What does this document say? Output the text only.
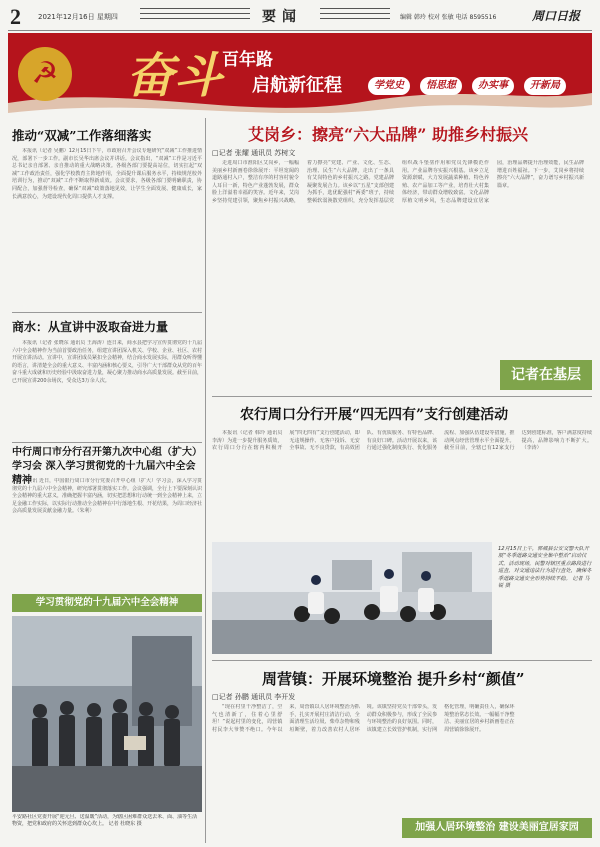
2 2021年12月16日 星期四	要闻	编辑 韩玲 校对 张敏 电话 8595516	周口日报
☭ 奋斗 百年路
启航新征程	学党史	悟思想	办实事	开新局
推动“双减”工作落细落实

本报讯（记者 吴鹏）12月15日下午，市政府召开会议专题研究“双减”工作推进情况，部署下一步工作。副市长吴华出席会议并讲话。会议指出，“双减”工作是习近平总书记亲自部署、亲自推动的重大战略决策。各级各部门要提高站位，切实扛起“双减”工作政治责任，强化学校教育主阵地作用，全面提升课后服务水平，持续规范校外培训行为，推动“双减”工作不断取得新成效。会议要求，各级各部门要明确职责，协同配合，加强督导检查，确保“双减”政策落地见效，让学生全面发展、健康成长，家长满意放心，为建设现代化周口提供人才支撑。

商水：从宣讲中汲取奋进力量

本报讯（记者 张晓东 通讯员 王海涛）连日来，商水县把学习宣传贯彻党的十九届六中全会精神作为当前首要政治任务，组建宣讲团深入机关、学校、企业、社区、农村开展宣讲活动。宣讲中，宣讲团成员紧扣全会精神，结合商水发展实际，用群众听得懂的语言，讲清楚全会的重大意义、丰富内涵和核心要义，引导广大干部群众从党的百年奋斗重大成就和历史经验中汲取奋进力量，凝心聚力推动商水高质量发展。截至目前，已开展宣讲200余场次，受众达3万余人次。

中行周口市分行召开第九次中心组（扩大）学习会 深入学习贯彻党的十九届六中全会精神

本报讯 近日，中国银行周口市分行党委召开中心组（扩大）学习会，深入学习贯彻党的十九届六中全会精神，研究部署贯彻落实工作。会议强调，全行上下要深刻认识全会精神的重大意义，准确把握丰富内涵，切实把思想和行动统一到全会精神上来，立足金融工作实际，以实际行动推动全会精神在中行落地生根、开花结果，为周口经济社会高质量发展贡献金融力量。（朱利）

学习贯彻党的十九届六中全会精神
平安路社区党委开展“迎元旦、送温暖”活动，为辖区困难群众送去米、面、油等生活物资，把党和政府的关怀送到群众心坎上。 记者 杜晓东 摄
艾岗乡：擦亮“六大品牌” 助推乡村振兴
□记者 张耀 通讯员 苏树文

走进周口市淮阳区艾岗乡，一幅幅美丽乡村新画卷徐徐展开：平坦宽阔的道路通村入户，整洁有序的村容村貌令人耳目一新，特色产业蓬勃发展，群众脸上洋溢着幸福的笑容。近年来，艾岗乡坚持党建引领，聚焦乡村振兴战略，着力擦亮“党建、产业、文化、生态、治理、民生”六大品牌，走出了一条具有艾岗特色的乡村振兴之路。党建品牌凝聚发展合力。该乡以“五星”支部创建为抓手，选优配强村“两委”班子，持续整顿软弱涣散党组织，充分发挥基层党组织战斗堡垒作用和党员先锋模范作用。产业品牌夯实振兴根基。该乡立足资源禀赋，大力发展蔬菜种植、特色养殖、农产品加工等产业，培育壮大村集体经济，带动群众增收致富。文化品牌厚植文明乡风，生态品牌建设宜居家园，治理品牌提升治理效能，民生品牌增进百姓福祉。下一步，艾岗乡将持续擦亮“六大品牌”，奋力谱写乡村振兴新篇章。

记者在基层
农行周口分行开展“四无四有”支行创建活动

本报讯（记者 韩玲 通讯员 李涛）为进一步提升服务质效，农行周口分行在辖内积极开展“四无四有”支行创建活动，即无违规操作、无客户投诉、无安全事故、无不良贷款，有高效团队、有优质服务、有特色品牌、有良好口碑。活动开展以来，该行通过强化制度执行、优化服务流程、加强队伍建设等措施，推动网点经营管理水平全面提升。截至目前，全辖已有12家支行达到创建标准，客户满意度持续提高，品牌影响力不断扩大。（李涛）

12月15日上午，郸城县公安交警大队开展“冬季道路交通安全集中整治”启动仪式。活动现场，民警对辖区重点路段进行巡查，对交通违法行为进行查处，确保冬季道路交通安全形势持续平稳。 记者 马锐 摄
周营镇：开展环境整治 提升乡村“颜值”
□记者 孙鹏 通讯员 李开发

“现在村里干净整洁了，空气也清新了，住着心里舒坦！”说起村里的变化，周营镇村民李大爷赞不绝口。今年以来，周营镇以人居环境整治为抓手，扎实开展村庄清洁行动，全面清理生活垃圾、柴草杂物和残垣断壁，着力改善农村人居环境。该镇坚持党员干部带头，发动群众积极参与，形成了全民参与环境整治的良好氛围。同时，该镇建立长效管护机制，实行网格化管理，明确责任人，确保环境整治常态长效。一幅幅干净整洁、美丽宜居的乡村新画卷正在周营镇徐徐展开。

加强人居环境整治 建设美丽宜居家园
